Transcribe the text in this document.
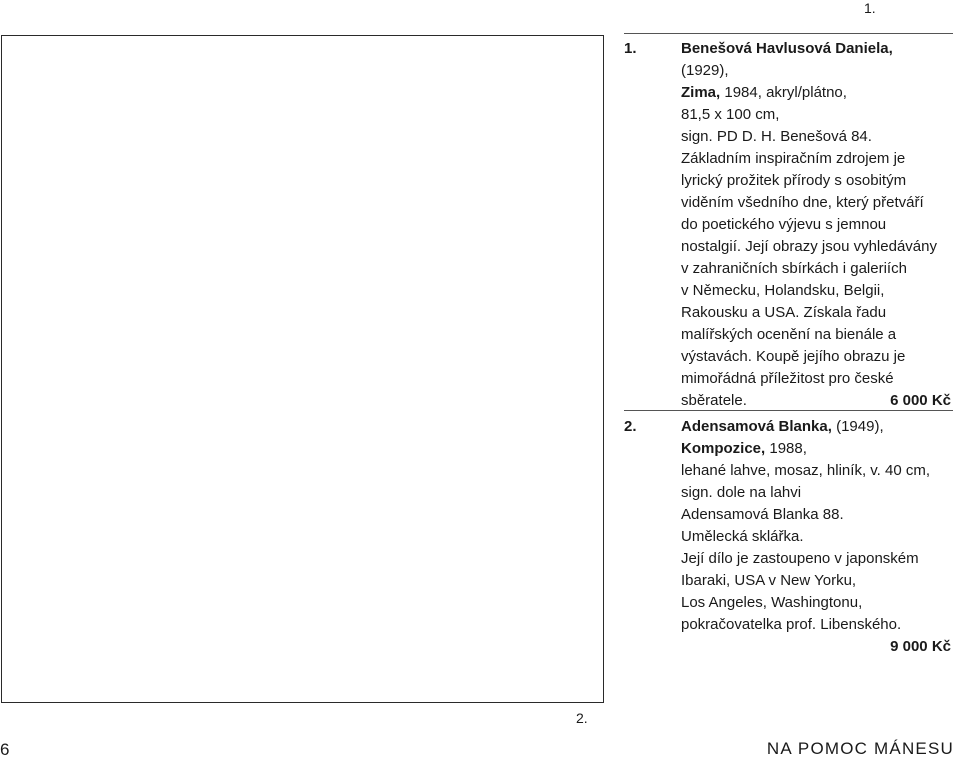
1.
1.	Benešová Havlusová Daniela,
(1929),
Zima, 1984, akryl/plátno,
81,5 x 100 cm,
sign. PD D. H. Benešová 84.
Základním inspiračním zdrojem je
lyrický prožitek přírody s osobitým
viděním všedního dne, který přetváří
do poetického výjevu s jemnou
nostalgií. Její obrazy jsou vyhledávány
v zahraničních sbírkách i galeriích
v Německu, Holandsku, Belgii,
Rakousku a USA. Získala řadu
malířských ocenění na bienále a
výstavách. Koupě jejího obrazu je
mimořádná příležitost pro české
sběratele.	6 000 Kč
2.	Adensamová Blanka, (1949),
Kompozice, 1988,
lehané lahve, mosaz, hliník, v. 40 cm,
sign. dole na lahvi
Adensamová Blanka 88.
Umělecká sklářka.
Její dílo je zastoupeno v japonském
Ibaraki, USA v New Yorku,
Los Angeles, Washingtonu,
pokračovatelka prof. Libenského.
9 000 Kč
2.
6	NA POMOC MÁNESU
